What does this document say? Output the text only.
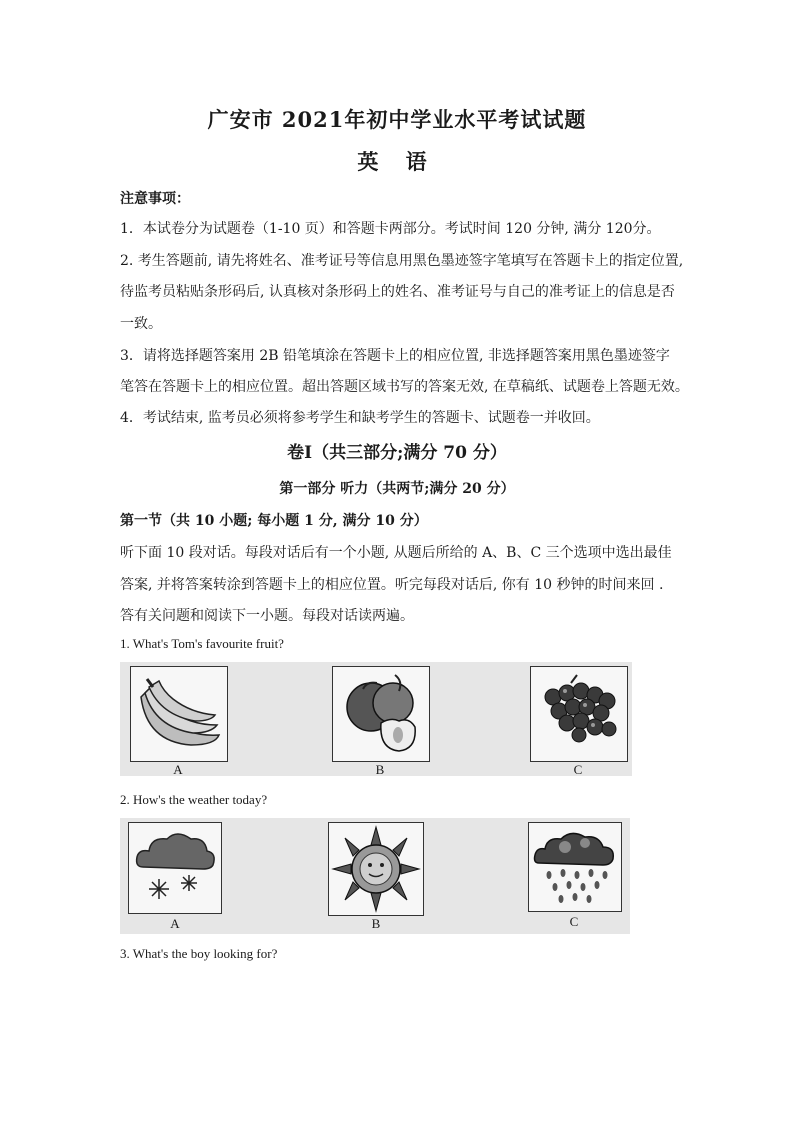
广安市 2021年初中学业水平考试试题
英 语
注意事项：
1．本试卷分为试题卷（1-10 页）和答题卡两部分。考试时间 120 分钟, 满分 120分。
2. 考生答题前, 请先将姓名、准考证号等信息用黑色墨迹签字笔填写在答题卡上的指定位置,
待监考员粘贴条形码后, 认真核对条形码上的姓名、准考证号与自己的准考证上的信息是否
一致。
3．请将选择题答案用 2B 铅笔填涂在答题卡上的相应位置, 非选择题答案用黑色墨迹签字
笔答在答题卡上的相应位置。超出答题区域书写的答案无效, 在草稿纸、试题卷上答题无效。
4．考试结束, 监考员必须将参考学生和缺考学生的答题卡、试题卷一并收回。
卷Ⅰ（共三部分;满分 70 分）
第一部分 听力（共两节;满分 20 分）
第一节（共 10 小题; 每小题 1 分, 满分 10 分）
听下面 10 段对话。每段对话后有一个小题, 从题后所给的 A、B、C 三个选项中选出最佳
答案, 并将答案转涂到答题卡上的相应位置。听完每段对话后, 你有 10 秒钟的时间来回 .
答有关问题和阅读下一小题。每段对话读两遍。
1. What's Tom's favourite fruit?
A	B	C
2. How's the weather today?
A	B	C
3. What's the boy looking for?
